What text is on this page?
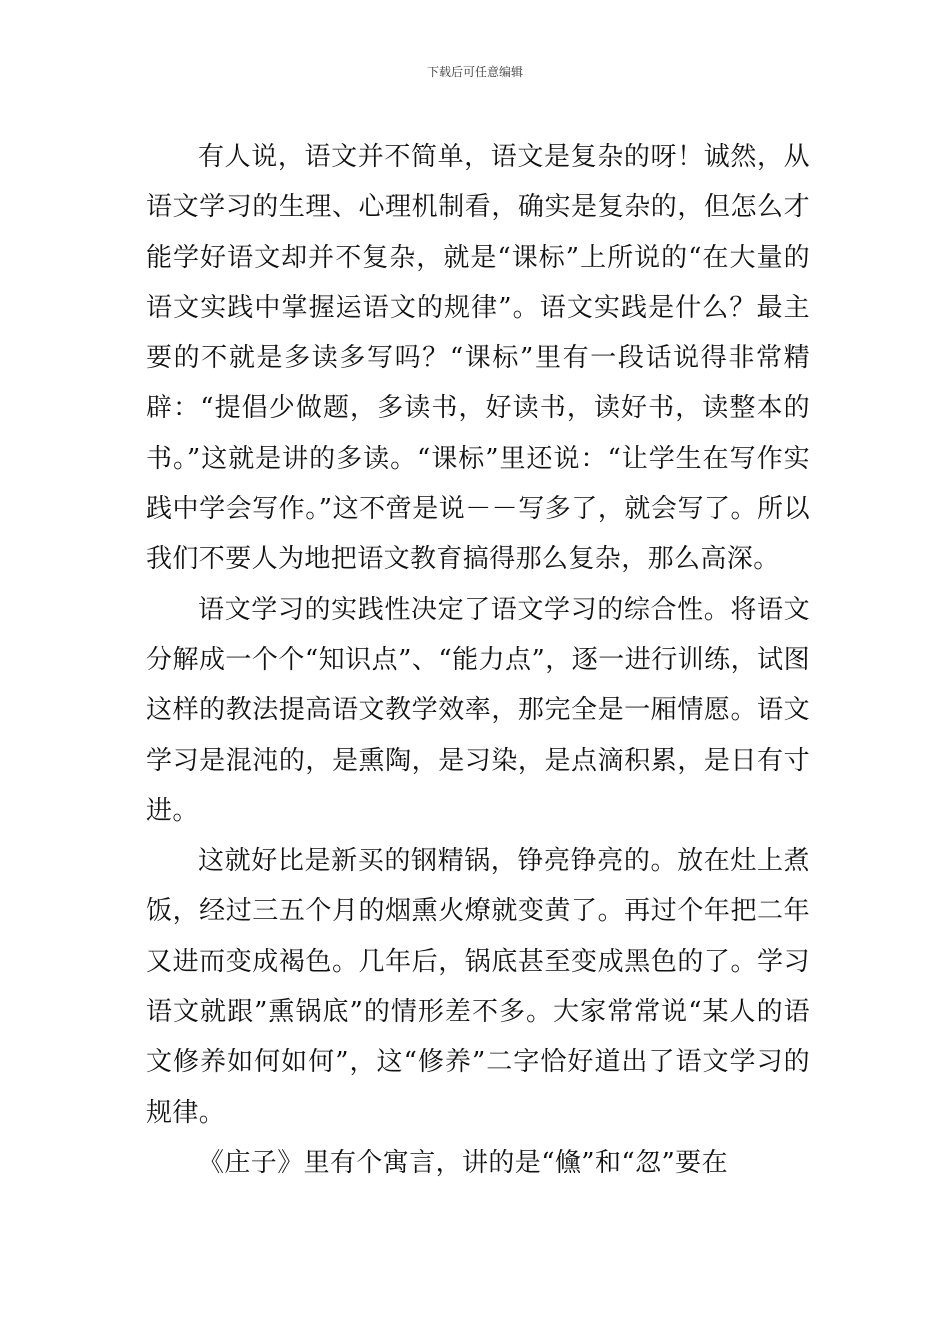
下载后可任意编辑

有人说，语文并不简单，语文是复杂的呀！诚然，从语文学习的生理、心理机制看，确实是复杂的，但怎么才能学好语文却并不复杂，就是“课标”上所说的“在大量的语文实践中掌握运语文的规律”。语文实践是什么？最主要的不就是多读多写吗？“课标”里有一段话说得非常精辟：“提倡少做题，多读书，好读书，读好书，读整本的书。”这就是讲的多读。“课标”里还说：“让学生在写作实践中学会写作。”这不啻是说－－写多了，就会写了。所以我们不要人为地把语文教育搞得那么复杂，那么高深。

语文学习的实践性决定了语文学习的综合性。将语文分解成一个个“知识点”、“能力点”，逐一进行训练，试图这样的教法提高语文教学效率，那完全是一厢情愿。语文学习是混沌的，是熏陶，是习染，是点滴积累，是日有寸进。

这就好比是新买的钢精锅，铮亮铮亮的。放在灶上煮饭，经过三五个月的烟熏火燎就变黄了。再过个年把二年又进而变成褐色。几年后，锅底甚至变成黑色的了。学习语文就跟”熏锅底”的情形差不多。大家常常说“某人的语文修养如何如何”，这“修养”二字恰好道出了语文学习的规律。

《庄子》里有个寓言，讲的是“儵”和“忽”要在
